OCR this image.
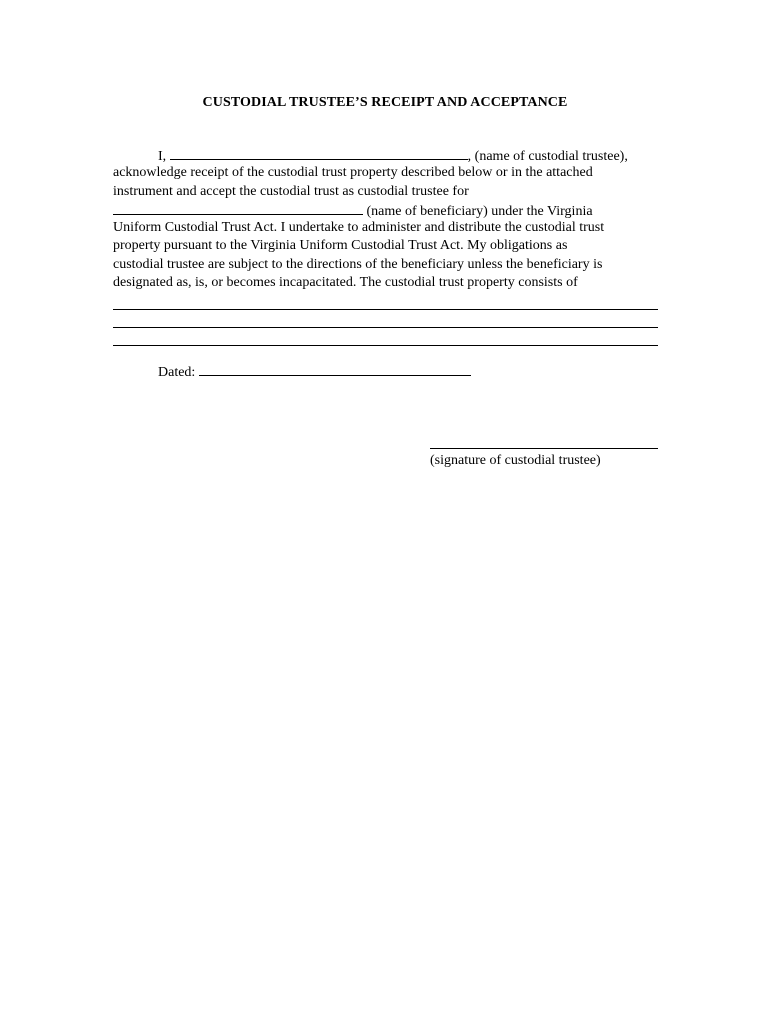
CUSTODIAL TRUSTEE’S RECEIPT AND ACCEPTANCE
I,	, (name of custodial trustee),
acknowledge receipt of the custodial trust property described below or in the attached
instrument and accept the custodial trust as custodial trustee for
(name of beneficiary) under the Virginia
Uniform Custodial Trust Act. I undertake to administer and distribute the custodial trust
property pursuant to the Virginia Uniform Custodial Trust Act. My obligations as
custodial trustee are subject to the directions of the beneficiary unless the beneficiary is
designated as, is, or becomes incapacitated. The custodial trust property consists of
Dated:
(signature of custodial trustee)
